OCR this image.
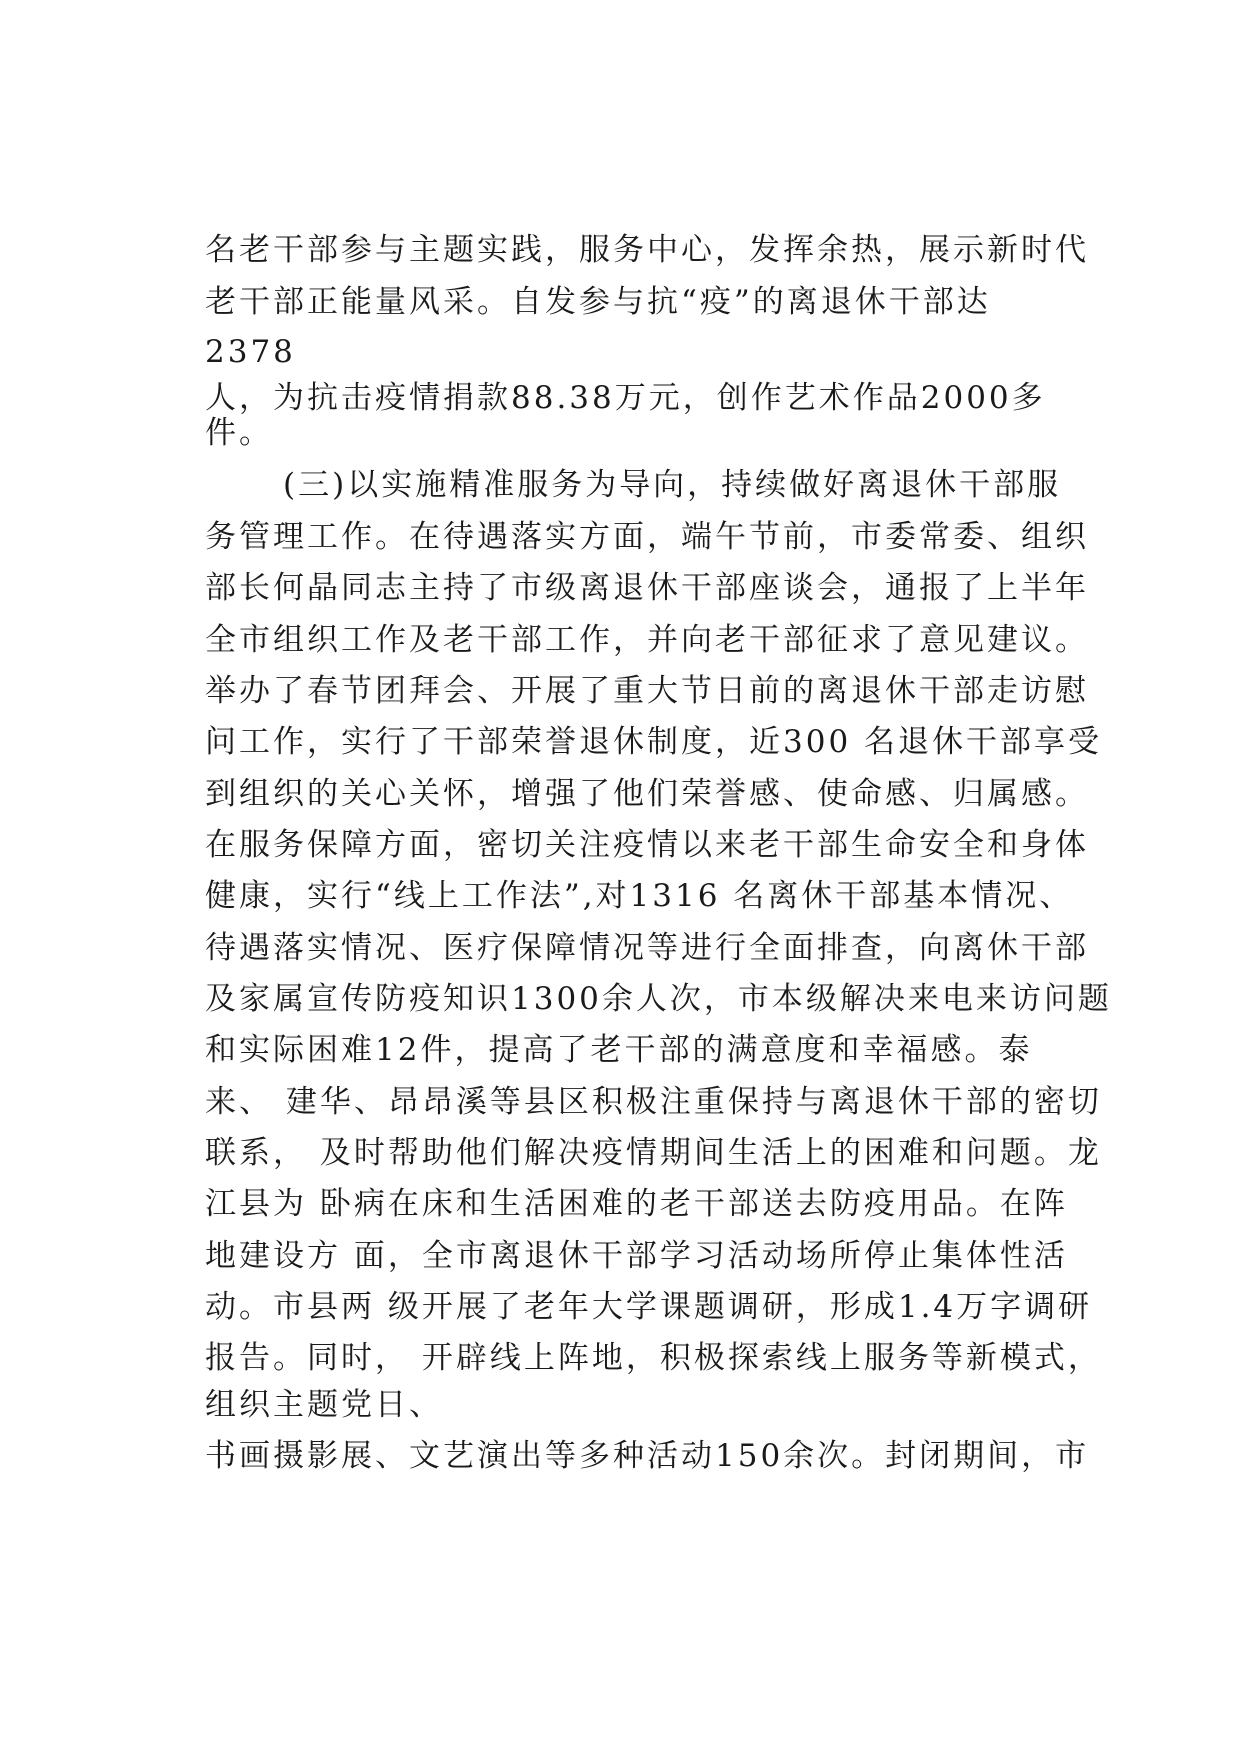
名老干部参与主题实践，服务中心，发挥余热，展示新时代
老干部正能量风采。自发参与抗“疫”的离退休干部达
2378
人，为抗击疫情捐款88.38万元，创作艺术作品2000多
件。
(三)以实施精准服务为导向，持续做好离退休干部服
务管理工作。在待遇落实方面，端午节前，市委常委、组织
部长何晶同志主持了市级离退休干部座谈会，通报了上半年
全市组织工作及老干部工作，并向老干部征求了意见建议。
举办了春节团拜会、开展了重大节日前的离退休干部走访慰
问工作，实行了干部荣誉退休制度，近300 名退休干部享受
到组织的关心关怀，增强了他们荣誉感、使命感、归属感。
在服务保障方面，密切关注疫情以来老干部生命安全和身体
健康，实行“线上工作法”,对1316 名离休干部基本情况、
待遇落实情况、医疗保障情况等进行全面排查，向离休干部
及家属宣传防疫知识1300余人次，市本级解决来电来访问题
和实际困难12件，提高了老干部的满意度和幸福感。泰
来、 建华、昂昂溪等县区积极注重保持与离退休干部的密切
联系， 及时帮助他们解决疫情期间生活上的困难和问题。龙
江县为 卧病在床和生活困难的老干部送去防疫用品。在阵
地建设方 面，全市离退休干部学习活动场所停止集体性活
动。市县两 级开展了老年大学课题调研，形成1.4万字调研
报告。同时， 开辟线上阵地，积极探索线上服务等新模式，
组织主题党日、
书画摄影展、文艺演出等多种活动150余次。封闭期间，市
